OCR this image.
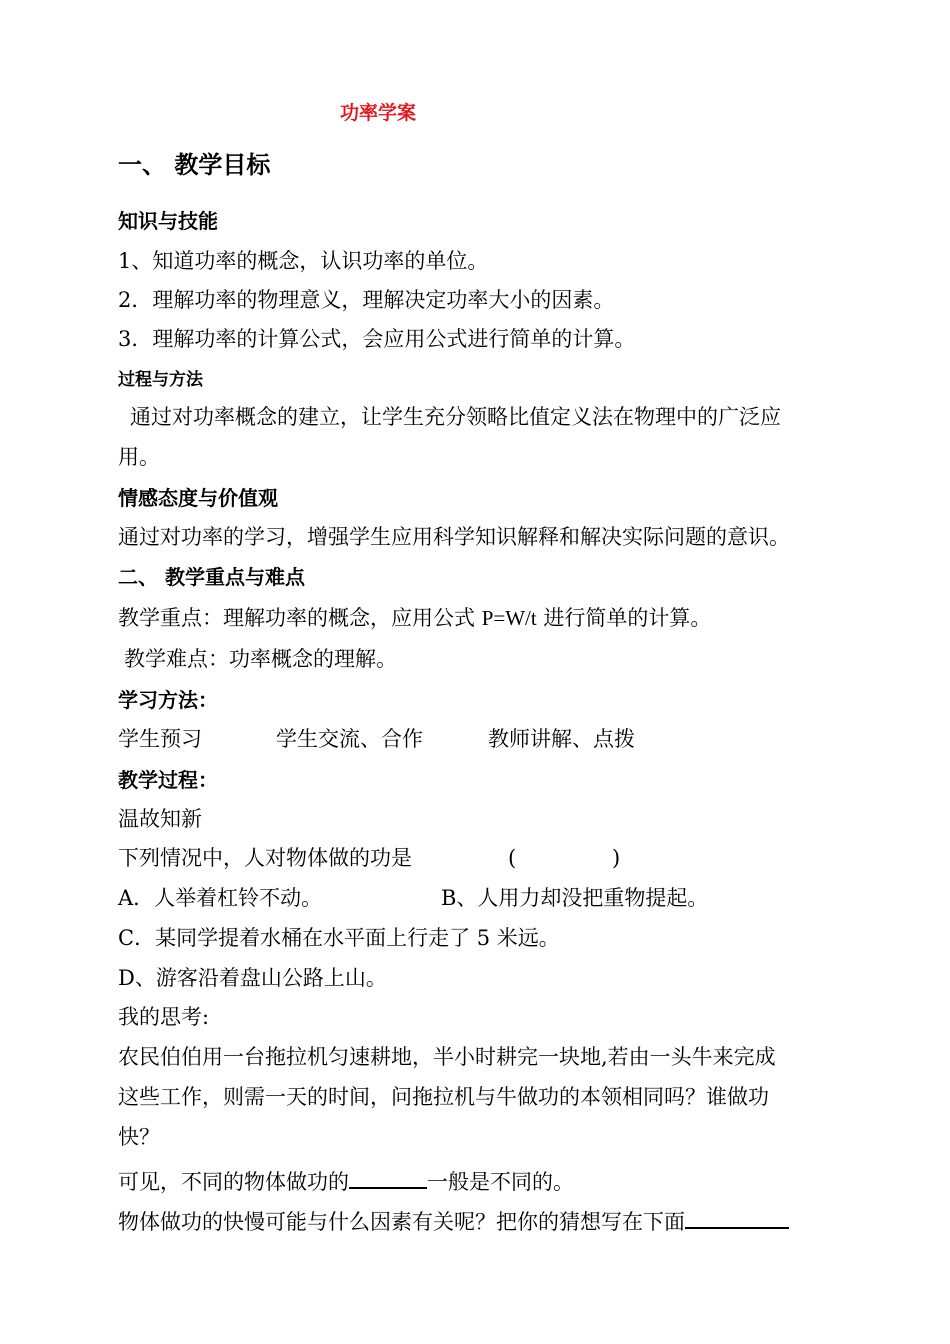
功率学案
一、 教学目标
知识与技能
1、知道功率的概念，认识功率的单位。
2．理解功率的物理意义，理解决定功率大小的因素。
3．理解功率的计算公式，会应用公式进行简单的计算。
过程与方法
通过对功率概念的建立，让学生充分领略比值定义法在物理中的广泛应
用。
情感态度与价值观
通过对功率的学习，增强学生应用科学知识解释和解决实际问题的意识。
二、 教学重点与难点
教学重点：理解功率的概念，应用公式 P=W/t 进行简单的计算。
教学难点：功率概念的理解。
学习方法：
学生预习	学生交流、合作	教师讲解、点拨
教学过程：
温故知新
下列情况中，人对物体做的功是	(	)
A．人举着杠铃不动。	B、人用力却没把重物提起。
C．某同学提着水桶在水平面上行走了 5 米远。
D、游客沿着盘山公路上山。
我的思考:
农民伯伯用一台拖拉机匀速耕地，半小时耕完一块地,若由一头牛来完成
这些工作，则需一天的时间，问拖拉机与牛做功的本领相同吗？谁做功
快？
可见，不同的物体做功的	一般是不同的。
物体做功的快慢可能与什么因素有关呢？把你的猜想写在下面
